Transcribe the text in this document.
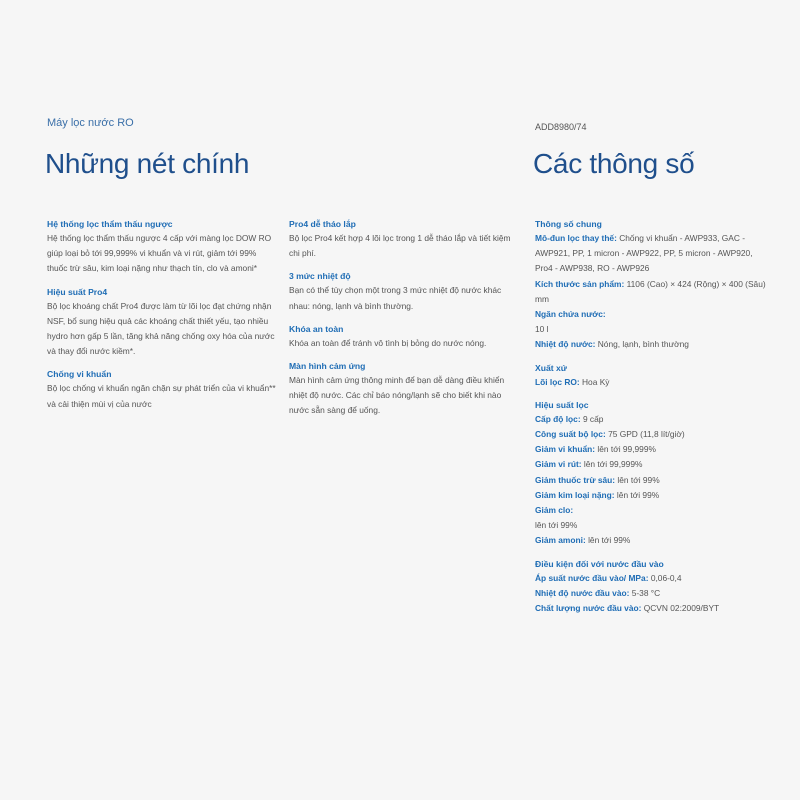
Máy lọc nước RO	ADD8980/74
Những nét chính	Các thông số

Hệ thống lọc thẩm thấu ngược

Hệ thống lọc thẩm thấu ngược 4 cấp với màng lọc DOW RO giúp loại bỏ tới 99,999% vi khuẩn và vi rút, giảm tới 99% thuốc trừ sâu, kim loại nặng như thạch tín, clo và amoni*

Hiệu suất Pro4

Bộ lọc khoáng chất Pro4 được làm từ lõi lọc đạt chứng nhận NSF, bổ sung hiệu quả các khoáng chất thiết yếu, tạo nhiều hydro hơn gấp 5 lần, tăng khả năng chống oxy hóa của nước và thay đổi nước kiềm*.

Chống vi khuẩn

Bộ lọc chống vi khuẩn ngăn chặn sự phát triển của vi khuẩn** và cải thiện mùi vị của nước

Pro4 dễ tháo lắp

Bộ lọc Pro4 kết hợp 4 lõi lọc trong 1 dễ tháo lắp và tiết kiệm chi phí.

3 mức nhiệt độ

Bạn có thể tùy chọn một trong 3 mức nhiệt độ nước khác nhau: nóng, lạnh và bình thường.

Khóa an toàn

Khóa an toàn để tránh vô tình bị bỏng do nước nóng.

Màn hình cảm ứng

Màn hình cảm ứng thông minh để bạn dễ dàng điều khiển nhiệt độ nước. Các chỉ báo nóng/lạnh sẽ cho biết khi nào nước sẵn sàng để uống.

Thông số chung

Mô-đun lọc thay thế: Chống vi khuẩn - AWP933, GAC - AWP921, PP, 1 micron - AWP922, PP, 5 micron - AWP920, Pro4 - AWP938, RO - AWP926

Kích thước sản phẩm: 1106 (Cao) × 424 (Rộng) × 400 (Sâu) mm

Ngăn chứa nước:
10 l

Nhiệt độ nước: Nóng, lạnh, bình thường

Xuất xứ

Lõi lọc RO: Hoa Kỳ

Hiệu suất lọc

Cấp độ lọc: 9 cấp

Công suất bộ lọc: 75 GPD (11,8 lít/giờ)

Giảm vi khuẩn: lên tới 99,999%

Giảm vi rút: lên tới 99,999%

Giảm thuốc trừ sâu: lên tới 99%

Giảm kim loại nặng: lên tới 99%

Giảm clo:
lên tới 99%

Giảm amoni: lên tới 99%

Điều kiện đối với nước đầu vào

Áp suất nước đầu vào/ MPa: 0,06-0,4

Nhiệt độ nước đầu vào: 5-38 °C

Chất lượng nước đầu vào: QCVN 02:2009/BYT
